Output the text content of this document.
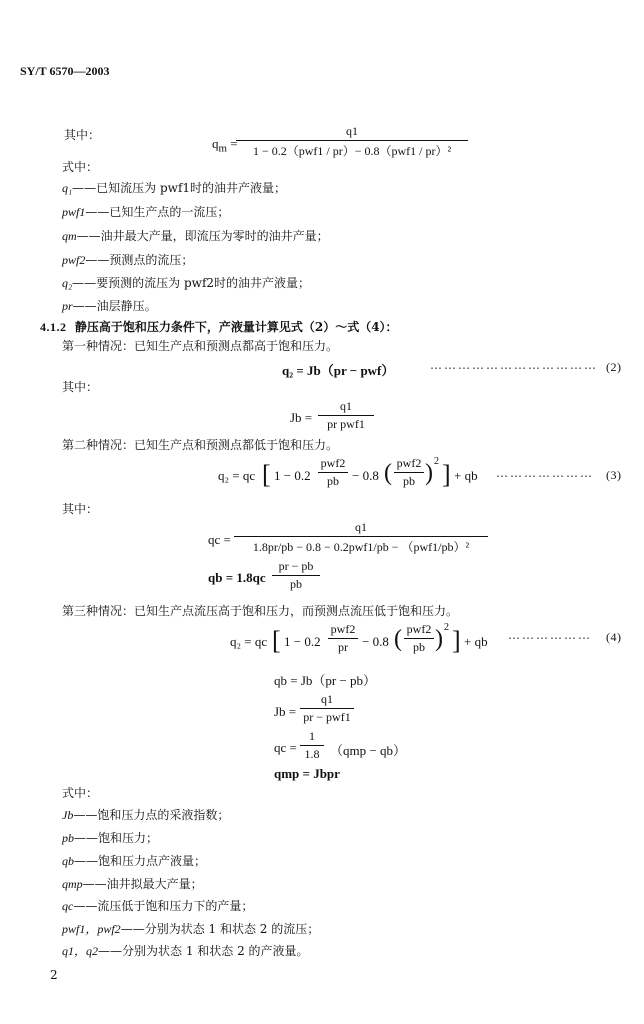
SY/T 6570—2003
其中：
$q_m$ =
q1
1 − 0.2（pwf1 / pr）− 0.8（pwf1 / pr）²
式中：
q₁——已知流压为 pwf1时的油井产液量；
pwf1——已知生产点的一流压；
qm——油井最大产量，即流压为零时的油井产量；
pwf2——预测点的流压；
q₂——要预测的流压为 pwf2时的油井产液量；
pr——油层静压。
4.1.2 静压高于饱和压力条件下，产液量计算见式（2）～式（4）：
第一种情况：已知生产点和预测点都高于饱和压力。
q₂ = Jb（pr − pwf）	……………………………… (2)
其中：
Jb =
q1
pr pwf1
第二种情况：已知生产点和预测点都低于饱和压力。
q₂ = qc [ 1 − 0.2
pwf2
pb	− 0.8 ( pwf2
pb ) 2 ] + qb ………………… (3)
其中：
qc =
q1
1.8pr/pb − 0.8 − 0.2pwf1/pb − （pwf1/pb）²
qb = $1.8qc \frac{pr - pb}{pb}$
第三种情况：已知生产点流压高于饱和压力，而预测点流压低于饱和压力。
q₂ = qc [ 1 − 0.2
pwf2
pr	− 0.8 ( pwf2
pb ) 2 ] + qb ……………… (4)
qb = Jb（pr − pb）
Jb =
q1
pr − pwf1
qc = $\frac{1}{1.8} (qmp - qb)$
qmp = Jbpr
式中：
Jb——饱和压力点的采液指数；
pb——饱和压力；
qb——饱和压力点产液量；
qmp——油井拟最大产量；
qc——流压低于饱和压力下的产量；
pwf1，pwf2——分别为状态 1 和状态 2 的流压；
q1，q2——分别为状态 1 和状态 2 的产液量。
2
